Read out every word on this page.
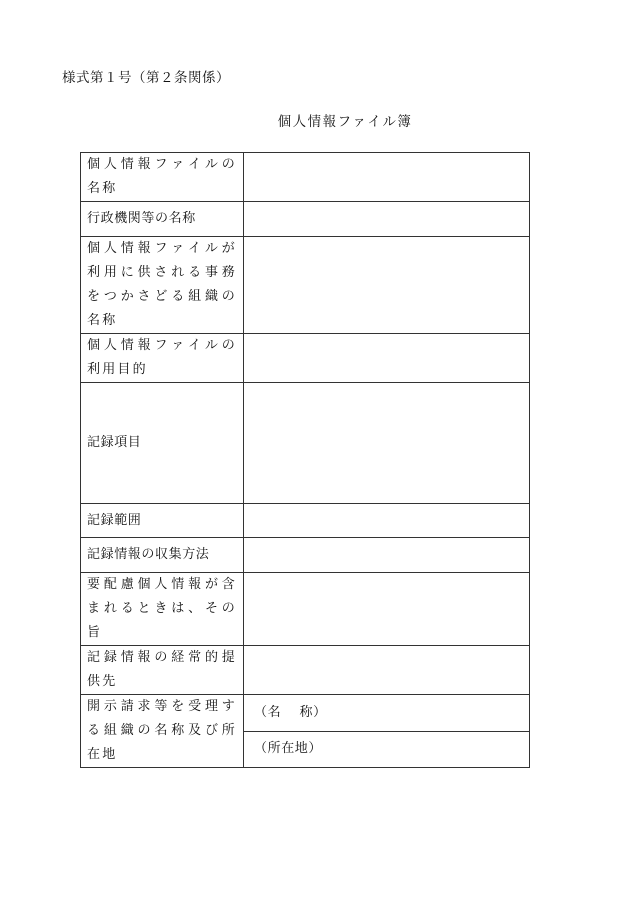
様式第１号（第２条関係）
個人情報ファイル簿
個人情報ファイルの名称	
行政機関等の名称	
個人情報ファイルが利用に供される事務をつかさどる組織の名称	
個人情報ファイルの利用目的	
記録項目	
記録範囲	
記録情報の収集方法	
要配慮個人情報が含まれるときは、その旨	
記録情報の経常的提供先	
開示請求等を受理する組織の名称及び所在地	（名　 称）
	（所在地）
